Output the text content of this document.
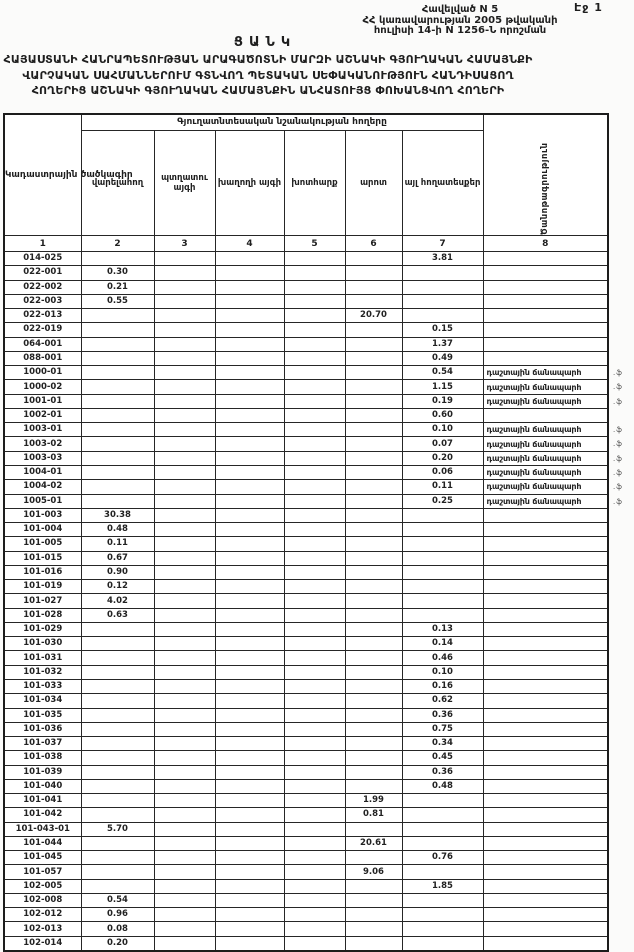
Էջ 1
Հավելված N 5
ՀՀ կառավարության 2005 թվականի
հուլիսի 14-ի N 1256-Ն որոշման
ՑԱՆԿ
ՀԱՅԱՍՏԱՆԻ ՀԱՆՐԱՊԵՏՈՒԹՅԱՆ ԱՐԱԳԱԾՈՏՆԻ ՄԱՐԶԻ ԱՇՆԱԿԻ ԳՅՈՒՂԱԿԱՆ ՀԱՄԱՅՆՔԻ
ՎԱՐՉԱԿԱՆ ՍԱՀՄԱՆՆԵՐՈՒՄ ԳՏՆՎՈՂ ՊԵՏԱԿԱՆ ՍԵՓԱԿԱՆՈՒԹՅՈՒՆ ՀԱՆԴԻՍԱՑՈՂ
ՀՈՂԵՐԻՑ ԱՇՆԱԿԻ ԳՅՈՒՂԱԿԱՆ ՀԱՄԱՅՆՔԻՆ ԱՆՀԱՏՈՒՅՑ ՓՈԽԱՆՑՎՈՂ ՀՈՂԵՐԻ
Կադաստրային ծածկագիր	Գյուղատնտեսական նշանակության հողերը						Ծանոթագրություն

	վարելահող	պտղատու այգի	խաղողի այգի	խոտհարք	արոտ	այլ հողատեսքեր	
1	2	3	4	5	6	7	8
014-025						3.81	
022-001	0.30						
022-002	0.21						
022-003	0.55						
022-013					20.70		
022-019						0.15	
064-001						1.37	
088-001						0.49	
1000-01						0.54	դաշտային ճանապարհ .ֆ

1000-02						1.15	դաշտային ճանապարհ .ֆ

1001-01						0.19	դաշտային ճանապարհ .ֆ

1002-01						0.60	
1003-01						0.10	դաշտային ճանապարհ .ֆ

1003-02						0.07	դաշտային ճանապարհ .ֆ

1003-03						0.20	դաշտային ճանապարհ .ֆ

1004-01						0.06	դաշտային ճանապարհ .ֆ

1004-02						0.11	դաշտային ճանապարհ .ֆ

1005-01						0.25	դաշտային ճանապարհ .ֆ

101-003	30.38						
101-004	0.48						
101-005	0.11						
101-015	0.67						
101-016	0.90						
101-019	0.12						
101-027	4.02						
101-028	0.63						
101-029						0.13	
101-030						0.14	
101-031						0.46	
101-032						0.10	
101-033						0.16	
101-034						0.62	
101-035						0.36	
101-036						0.75	
101-037						0.34	
101-038						0.45	
101-039						0.36	
101-040						0.48	
101-041					1.99		
101-042					0.81		
101-043-01	5.70						
101-044					20.61		
101-045						0.76	
101-057					9.06		
102-005						1.85	
102-008	0.54						
102-012	0.96						
102-013	0.08						
102-014	0.20						
